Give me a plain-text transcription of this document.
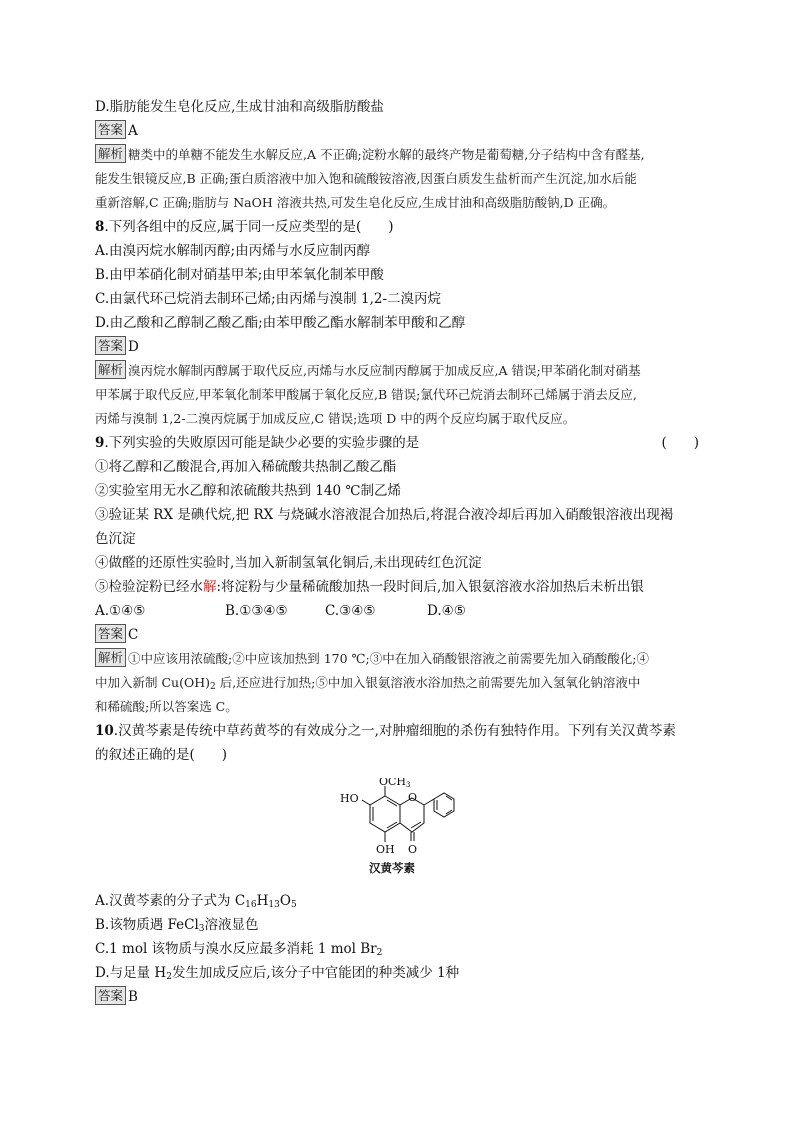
D.脂肪能发生皂化反应,生成甘油和高级脂肪酸盐
答案 A
解析 糖类中的单糖不能发生水解反应,A 不正确;淀粉水解的最终产物是葡萄糖,分子结构中含有醛基,
能发生银镜反应,B 正确;蛋白质溶液中加入饱和硫酸铵溶液,因蛋白质发生盐析而产生沉淀,加水后能
重新溶解,C 正确;脂肪与 NaOH 溶液共热,可发生皂化反应,生成甘油和高级脂肪酸钠,D 正确。
8.下列各组中的反应,属于同一反应类型的是(　　)
A.由溴丙烷水解制丙醇;由丙烯与水反应制丙醇
B.由甲苯硝化制对硝基甲苯;由甲苯氧化制苯甲酸
C.由氯代环己烷消去制环己烯;由丙烯与溴制 1,2-二溴丙烷
D.由乙酸和乙醇制乙酸乙酯;由苯甲酸乙酯水解制苯甲酸和乙醇
答案 D
解析 溴丙烷水解制丙醇属于取代反应,丙烯与水反应制丙醇属于加成反应,A 错误;甲苯硝化制对硝基
甲苯属于取代反应,甲苯氧化制苯甲酸属于氧化反应,B 错误;氯代环己烷消去制环己烯属于消去反应,
丙烯与溴制 1,2-二溴丙烷属于加成反应,C 错误;选项 D 中的两个反应均属于取代反应。
9.下列实验的失败原因可能是缺少必要的实验步骤的是	(　　)
①将乙醇和乙酸混合,再加入稀硫酸共热制乙酸乙酯
②实验室用无水乙醇和浓硫酸共热到 140 ℃制乙烯
③验证某 RX 是碘代烷,把 RX 与烧碱水溶液混合加热后,将混合液冷却后再加入硝酸银溶液出现褐
色沉淀
④做醛的还原性实验时,当加入新制氢氧化铜后,未出现砖红色沉淀
⑤检验淀粉已经水解:将淀粉与少量稀硫酸加热一段时间后,加入银氨溶液水浴加热后未析出银
A.①④⑤	B.①③④⑤	C.③④⑤	D.④⑤
答案 C
解析 ①中应该用浓硫酸;②中应该加热到 170 ℃;③中在加入硝酸银溶液之前需要先加入硝酸酸化;④
中加入新制 $Cu(OH)_2$ 后,还应进行加热;⑤中加入银氨溶液水浴加热之前需要先加入氢氧化钠溶液中
和稀硫酸;所以答案选 C。
10.汉黄芩素是传统中草药黄芩的有效成分之一,对肿瘤细胞的杀伤有独特作用。下列有关汉黄芩素
的叙述正确的是(　　)
OCH3
HO
OH
O
O
汉黄芩素
A.汉黄芩素的分子式为 $C_{16}H_{13}O_5$
B.该物质遇 FeCl$_3$溶液显色
C.1 mol 该物质与溴水反应最多消耗 1 mol $Br_2$
D.与足量 $H_2$发生加成反应后,该分子中官能团的种类减少 1种
答案 B
